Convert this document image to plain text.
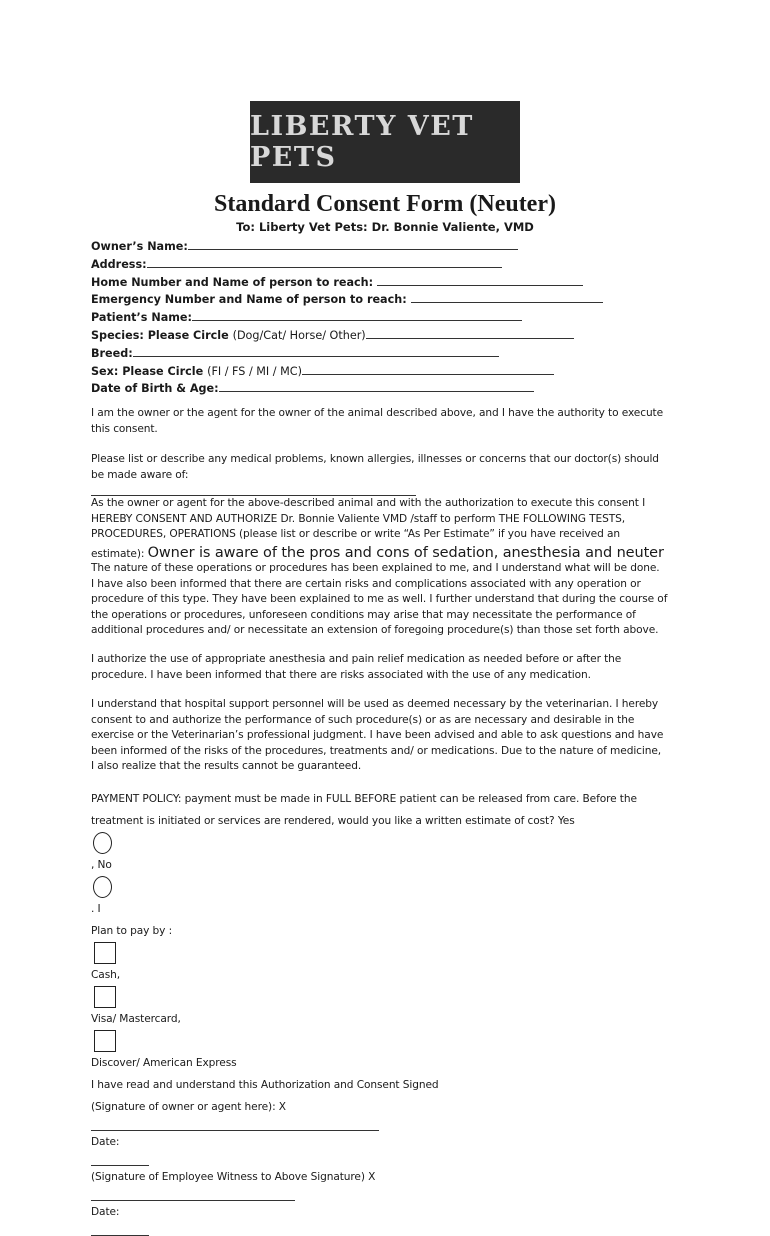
LIBERTY VET PETS
Standard Consent Form (Neuter)
To: Liberty Vet Pets: Dr. Bonnie Valiente, VMD
Owner’s Name:
Address:
Home Number and Name of person to reach:
Emergency Number and Name of person to reach:
Patient’s Name:
Species: Please Circle (Dog/Cat/ Horse/ Other)
Breed:
Sex: Please Circle (FI / FS / MI / MC)
Date of Birth & Age:
I am the owner or the agent for the owner of the animal described above, and I have the authority to execute
this consent.
Please list or describe any medical problems, known allergies, illnesses or concerns that our doctor(s) should
be made aware of:
As the owner or agent for the above-described animal and with the authorization to execute this consent I
HEREBY CONSENT AND AUTHORIZE Dr. Bonnie Valiente VMD /staff to perform THE FOLLOWING TESTS,
PROCEDURES, OPERATIONS (please list or describe or write “As Per Estimate” if you have received an
estimate): Owner is aware of the pros and cons of sedation, anesthesia and neuter
The nature of these operations or procedures has been explained to me, and I understand what will be done.
I have also been informed that there are certain risks and complications associated with any operation or
procedure of this type. They have been explained to me as well. I further understand that during the course of
the operations or procedures, unforeseen conditions may arise that may necessitate the performance of
additional procedures and/ or necessitate an extension of foregoing procedure(s) than those set forth above.
I authorize the use of appropriate anesthesia and pain relief medication as needed before or after the
procedure. I have been informed that there are risks associated with the use of any medication.
I understand that hospital support personnel will be used as deemed necessary by the veterinarian. I hereby
consent to and authorize the performance of such procedure(s) or as are necessary and desirable in the
exercise or the Veterinarian’s professional judgment. I have been advised and able to ask questions and have
been informed of the risks of the procedures, treatments and/ or medications. Due to the nature of medicine,
I also realize that the results cannot be guaranteed.
PAYMENT POLICY: payment must be made in FULL BEFORE patient can be released from care. Before the
treatment is initiated or services are rendered, would you like a written estimate of cost? Yes
, No
. I
Plan to pay by :
Cash,
Visa/ Mastercard,
Discover/ American Express
I have read and understand this Authorization and Consent Signed
(Signature of owner or agent here): X
Date:
(Signature of Employee Witness to Above Signature) X
Date:
